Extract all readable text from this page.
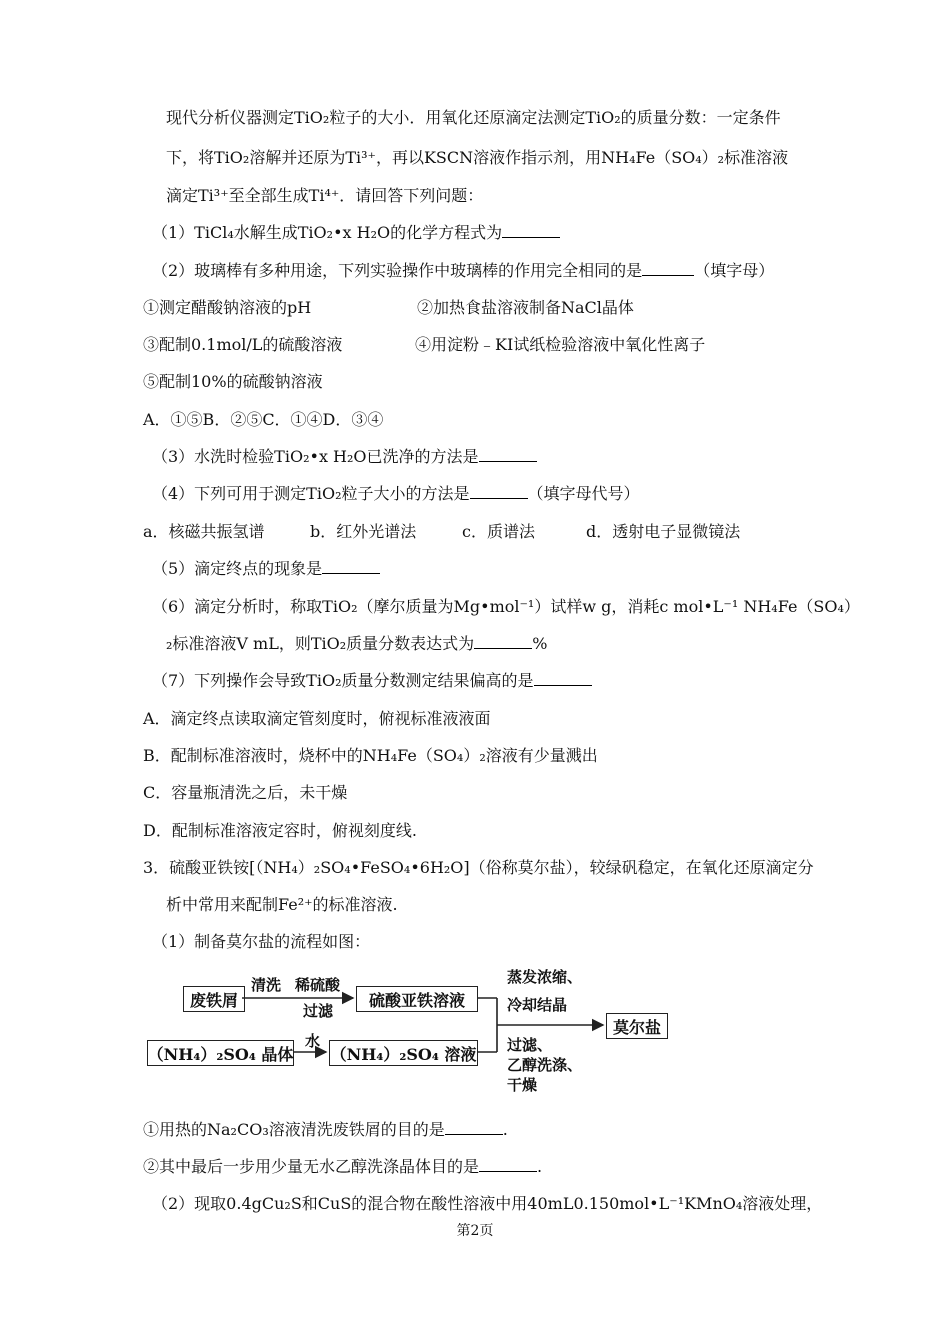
现代分析仪器测定TiO₂粒子的大小．用氧化还原滴定法测定TiO₂的质量分数：一定条件
下，将TiO₂溶解并还原为Ti³⁺，再以KSCN溶液作指示剂，用NH₄Fe（SO₄）₂标准溶液
滴定Ti³⁺至全部生成Ti⁴⁺．请回答下列问题：
（1）TiCl₄水解生成TiO₂•x H₂O的化学方程式为
（2）玻璃棒有多种用途，下列实验操作中玻璃棒的作用完全相同的是	（填字母）
①测定醋酸钠溶液的pH	②加热食盐溶液制备NaCl晶体
③配制0.1mol/L的硫酸溶液	④用淀粉﹣KI试纸检验溶液中氧化性离子
⑤配制10%的硫酸钠溶液
A．①⑤B．②⑤C．①④D．③④
（3）水洗时检验TiO₂•x H₂O已洗净的方法是
（4）下列可用于测定TiO₂粒子大小的方法是	（填字母代号）
a．核磁共振氢谱	b．红外光谱法	c．质谱法	d．透射电子显微镜法
（5）滴定终点的现象是
（6）滴定分析时，称取TiO₂（摩尔质量为Mg•mol⁻¹）试样w g，消耗c mol•L⁻¹ NH₄Fe（SO₄）
₂标准溶液V mL，则TiO₂质量分数表达式为	%
（7）下列操作会导致TiO₂质量分数测定结果偏高的是
A．滴定终点读取滴定管刻度时，俯视标准液液面
B．配制标准溶液时，烧杯中的NH₄Fe（SO₄）₂溶液有少量溅出
C．容量瓶清洗之后，未干燥
D．配制标准溶液定容时，俯视刻度线.
3．硫酸亚铁铵[（NH₄）₂SO₄•FeSO₄•6H₂O]（俗称莫尔盐），较绿矾稳定，在氧化还原滴定分
析中常用来配制Fe²⁺的标准溶液.
（1）制备莫尔盐的流程如图：
①用热的Na₂CO₃溶液清洗废铁屑的目的是	.
②其中最后一步用少量无水乙醇洗涤晶体目的是	.
（2）现取0.4gCu₂S和CuS的混合物在酸性溶液中用40mL0.150mol•L⁻¹KMnO₄溶液处理，
废铁屑
清洗 稀硫酸
过滤
硫酸亚铁溶液
蒸发浓缩、
冷却结晶
莫尔盐
（NH₄）₂SO₄ 晶体
水
（NH₄）₂SO₄ 溶液 过滤、
乙醇洗涤、
干燥
第2页
